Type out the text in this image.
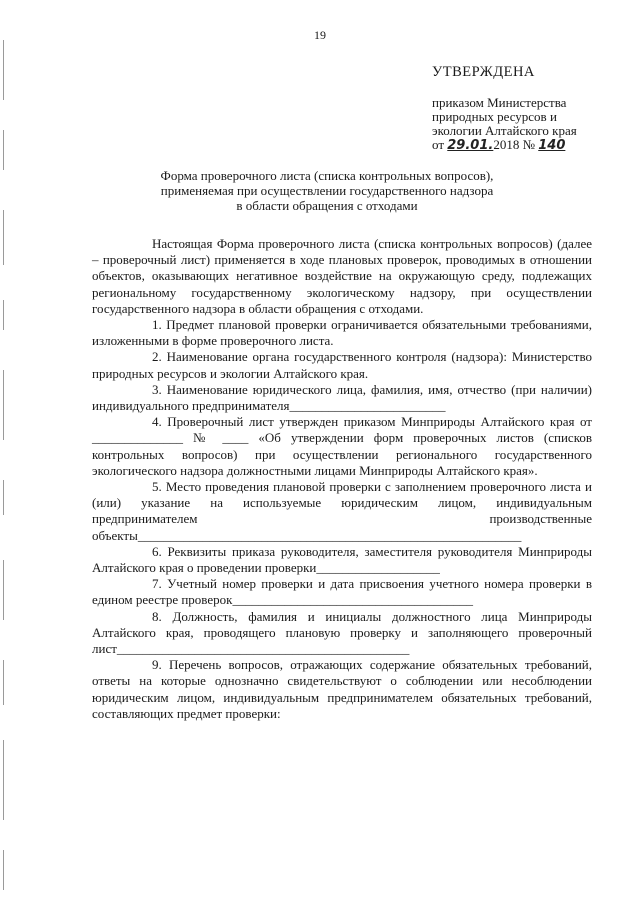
19
УТВЕРЖДЕНА
приказом Министерства
природных ресурсов и
экологии Алтайского края
от 29.01.2018 № 140
Форма проверочного листа (списка контрольных вопросов),
применяемая при осуществлении государственного надзора
в области обращения с отходами

Настоящая Форма проверочного листа (списка контрольных вопросов) (далее – проверочный лист) применяется в ходе плановых проверок, проводимых в отношении объектов, оказывающих негативное воздействие на окружающую среду, подлежащих региональному государственному экологическому надзору, при осуществлении государственного надзора в области обращения с отходами.

1. Предмет плановой проверки ограничивается обязательными требованиями, изложенными в форме проверочного листа.

2. Наименование органа государственного контроля (надзора): Министерство природных ресурсов и экологии Алтайского края.

3. Наименование юридического лица, фамилия, имя, отчество (при наличии) индивидуального предпринимателя________________________

4. Проверочный лист утвержден приказом Минприроды Алтайского края от ______________ № ____ «Об утверждении форм проверочных листов (списков контрольных вопросов) при осуществлении регионального государственного экологического надзора должностными лицами Минприроды Алтайского края».

5. Место проведения плановой проверки с заполнением проверочного листа и (или) указание на используемые юридическим лицом, индивидуальным предпринимателем производственные

объекты___________________________________________________________

6. Реквизиты приказа руководителя, заместителя руководителя Минприроды Алтайского края о проведении проверки___________________

7. Учетный номер проверки и дата присвоения учетного номера проверки в едином реестре проверок_____________________________________

8. Должность, фамилия и инициалы должностного лица Минприроды Алтайского края, проводящего плановую проверку и заполняющего проверочный лист_____________________________________________

9. Перечень вопросов, отражающих содержание обязательных требований, ответы на которые однозначно свидетельствуют о соблюдении или несоблюдении юридическим лицом, индивидуальным предпринимателем обязательных требований, составляющих предмет проверки:
